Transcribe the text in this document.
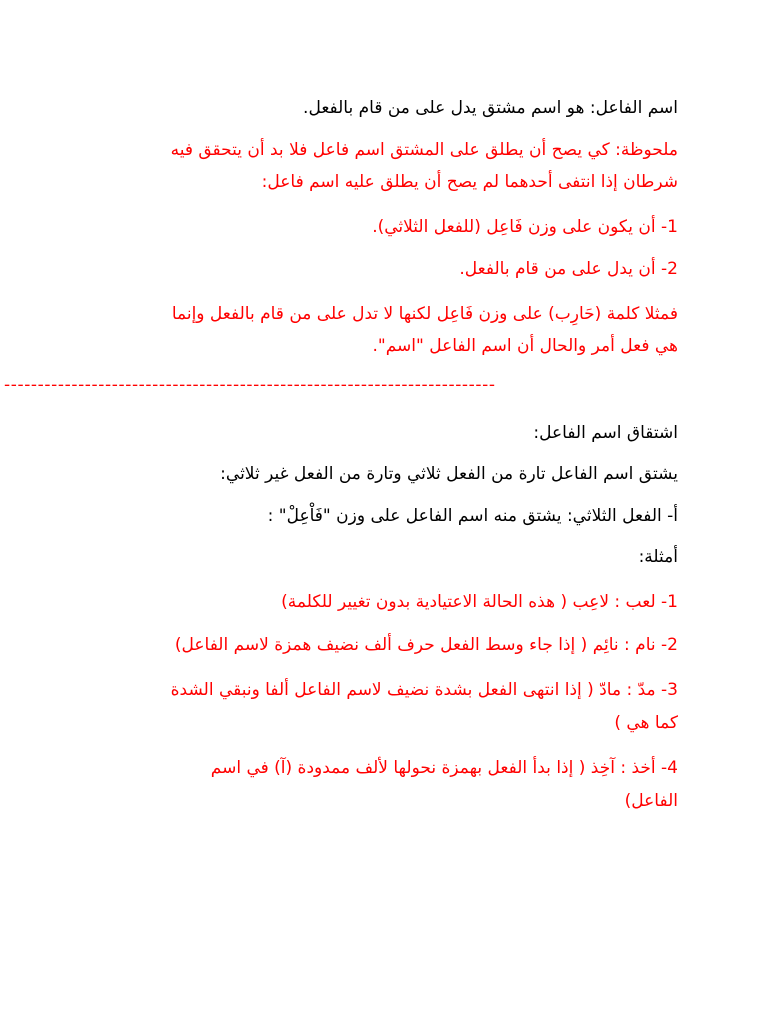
اسم الفاعل: هو اسم مشتق يدل على من قام بالفعل.
ملحوظة: كي يصح أن يطلق على المشتق اسم فاعل فلا بد أن يتحقق فيه
شرطان إذا انتفى أحدهما لم يصح أن يطلق عليه اسم فاعل:
1- أن يكون على وزن فَاعِل (للفعل الثلاثي).
2- أن يدل على من قام بالفعل.
فمثلا كلمة (حَارِب) على وزن فَاعِل لكنها لا تدل على من قام بالفعل وإنما
هي فعل أمر والحال أن اسم الفاعل "اسم".
اشتقاق اسم الفاعل:
يشتق اسم الفاعل تارة من الفعل ثلاثي وتارة من الفعل غير ثلاثي:
أ- الفعل الثلاثي: يشتق منه اسم الفاعل على وزن "فَاْعِلْ" :
أمثلة:
1- لعب : لاعِب ( هذه الحالة الاعتيادية بدون تغيير للكلمة)
2- نام : نائِم ( إذا جاء وسط الفعل حرف ألف نضيف همزة لاسم الفاعل)
3- مدّ : مادّ ( إذا انتهى الفعل بشدة نضيف لاسم الفاعل ألفا ونبقي الشدة
كما هي )
4- أخذ : آخِذ ( إذا بدأ الفعل بهمزة نحولها لألف ممدودة (آ) في اسم
الفاعل)
-------------------------------------------------------------------------
